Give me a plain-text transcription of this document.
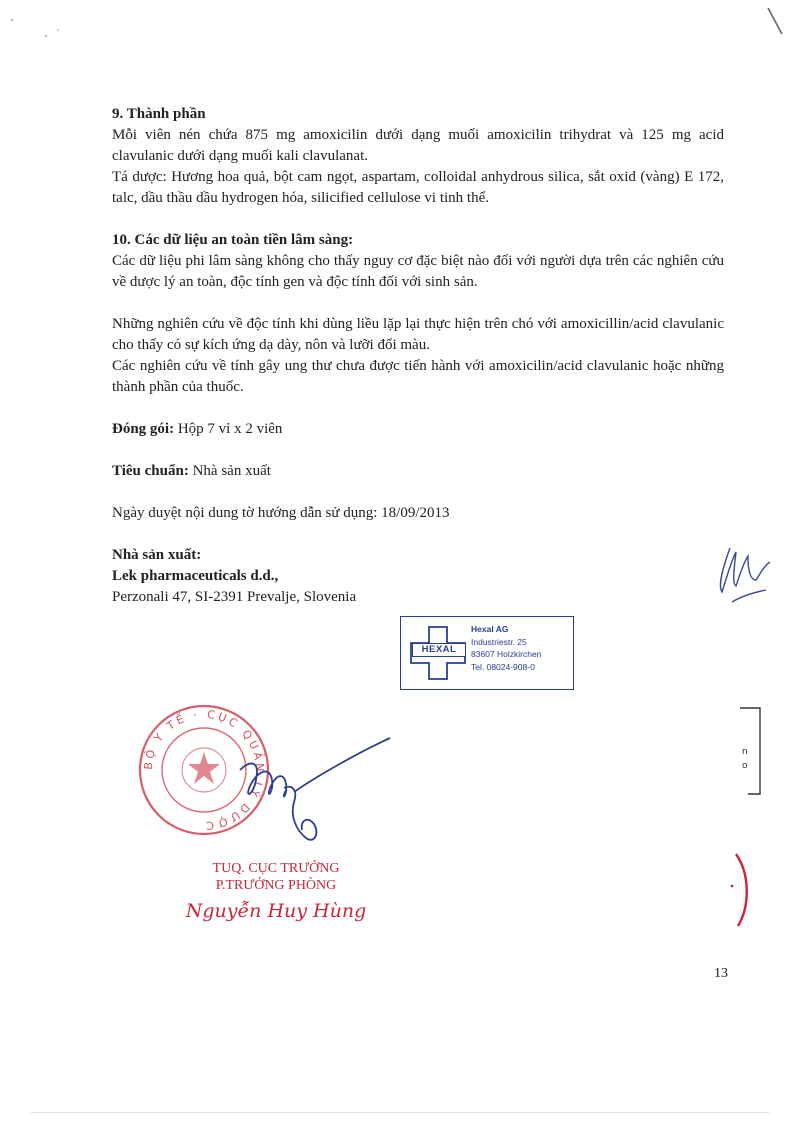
9. Thành phần

Mỗi viên nén chứa 875 mg amoxicilin dưới dạng muối amoxicilin trihydrat và 125 mg acid clavulanic dưới dạng muối kali clavulanat.

Tá dược: Hương hoa quả, bột cam ngọt, aspartam, colloidal anhydrous silica, sắt oxid (vàng) E 172, talc, dầu thầu dầu hydrogen hóa, silicified cellulose vi tinh thể.

10. Các dữ liệu an toàn tiền lâm sàng:

Các dữ liệu phi lâm sàng không cho thấy nguy cơ đặc biệt nào đối với người dựa trên các nghiên cứu về dược lý an toàn, độc tính gen và độc tính đối với sinh sản.

Những nghiên cứu về độc tính khi dùng liều lặp lại thực hiện trên chó với amoxicillin/acid clavulanic cho thấy có sự kích ứng dạ dày, nôn và lưỡi đổi màu.

Các nghiên cứu về tính gây ung thư chưa được tiến hành với amoxicilin/acid clavulanic hoặc những thành phần của thuốc.

Đóng gói: Hộp 7 vỉ x 2 viên

Tiêu chuẩn: Nhà sản xuất

Ngày duyệt nội dung tờ hướng dẫn sử dụng: 18/09/2013

Nhà sản xuất:

Lek pharmaceuticals d.d.,

Perzonali 47, SI-2391 Prevalje, Slovenia

HEXAL
Hexal AG
Industriestr. 25
83607 Holzkirchen
Tel. 08024-908-0
BỘ Y TẾ · CỤC QUẢN LÝ DƯỢC
TUQ. CỤC TRƯỞNG
P.TRƯỞNG PHÒNG
Nguyễn Huy Hùng
n
o
13
